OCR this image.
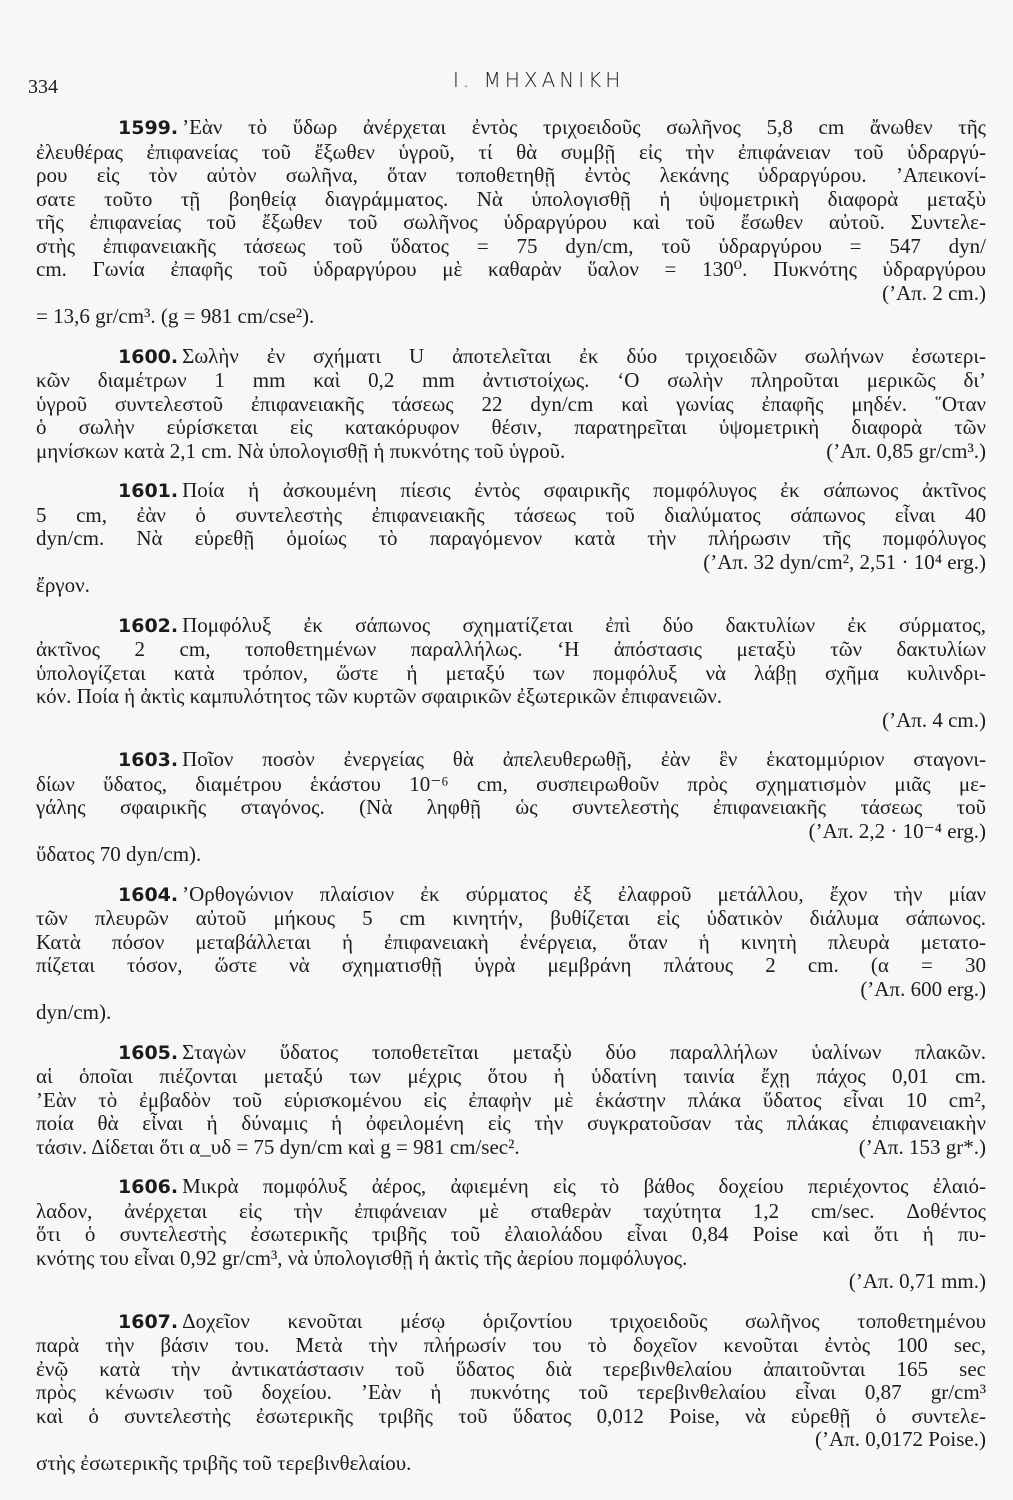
334	Ι. ΜΗΧΑΝΙΚΗ
1599. ’Εὰν τὸ ὕδωρ ἀνέρχεται ἐντὸς τριχοειδοῦς σωλῆνος 5,8 cm ἄνωθεν τῆς
ἐλευθέρας ἐπιφανείας τοῦ ἔξωθεν ὑγροῦ, τί θὰ συμβῇ εἰς τὴν ἐπιφάνειαν τοῦ ὑδραργύ-
ρου εἰς τὸν αὐτὸν σωλῆνα, ὅταν τοποθετηθῇ ἐντὸς λεκάνης ὑδραργύρου. ’Απεικονί-
σατε τοῦτο τῇ βοηθείᾳ διαγράμματος. Νὰ ὑπολογισθῇ ἡ ὑψομετρικὴ διαφορὰ μεταξὺ
τῆς ἐπιφανείας τοῦ ἔξωθεν τοῦ σωλῆνος ὑδραργύρου καὶ τοῦ ἔσωθεν αὐτοῦ. Συντελε-
στὴς ἐπιφανειακῆς τάσεως τοῦ ὕδατος = 75 dyn/cm, τοῦ ὑδραργύρου = 547 dyn/
cm. Γωνία ἐπαφῆς τοῦ ὑδραργύρου μὲ καθαρὰν ὕαλον = 130⁰. Πυκνότης ὑδραργύρου
(’Απ. 2 cm.)
= 13,6 gr/cm³. (g = 981 cm/cse²).
1600. Σωλὴν ἐν σχήματι U ἀποτελεῖται ἐκ δύο τριχοειδῶν σωλήνων ἐσωτερι-
κῶν διαμέτρων 1 mm καὶ 0,2 mm ἀντιστοίχως. ‘Ο σωλὴν πληροῦται μερικῶς δι’
ὑγροῦ συντελεστοῦ ἐπιφανειακῆς τάσεως 22 dyn/cm καὶ γωνίας ἐπαφῆς μηδέν. ῞Οταν
ὁ σωλὴν εὑρίσκεται εἰς κατακόρυφον θέσιν, παρατηρεῖται ὑψομετρικὴ διαφορὰ τῶν
μηνίσκων κατὰ 2,1 cm. Νὰ ὑπολογισθῇ ἡ πυκνότης τοῦ ὑγροῦ.	(’Απ. 0,85 gr/cm³.)
1601. Ποία ἡ ἀσκουμένη πίεσις ἐντὸς σφαιρικῆς πομφόλυγος ἐκ σάπωνος ἀκτῖνος
5 cm, ἐὰν ὁ συντελεστὴς ἐπιφανειακῆς τάσεως τοῦ διαλύματος σάπωνος εἶναι 40
dyn/cm. Νὰ εὑρεθῇ ὁμοίως τὸ παραγόμενον κατὰ τὴν πλήρωσιν τῆς πομφόλυγος
(’Απ. 32 dyn/cm², 2,51 · 10⁴ erg.)
ἔργον.
1602. Πομφόλυξ ἐκ σάπωνος σχηματίζεται ἐπὶ δύο δακτυλίων ἐκ σύρματος,
ἀκτῖνος 2 cm, τοποθετημένων παραλλήλως. ‘Η ἀπόστασις μεταξὺ τῶν δακτυλίων
ὑπολογίζεται κατὰ τρόπον, ὥστε ἡ μεταξύ των πομφόλυξ νὰ λάβῃ σχῆμα κυλινδρι-
κόν. Ποία ἡ ἀκτὶς καμπυλότητος τῶν κυρτῶν σφαιρικῶν ἐξωτερικῶν ἐπιφανειῶν.
(’Απ. 4 cm.)
1603. Ποῖον ποσὸν ἐνεργείας θὰ ἀπελευθερωθῇ, ἐὰν ἓν ἑκατομμύριον σταγονι-
δίων ὕδατος, διαμέτρου ἑκάστου 10⁻⁶ cm, συσπειρωθοῦν πρὸς σχηματισμὸν μιᾶς με-
γάλης σφαιρικῆς σταγόνος. (Νὰ ληφθῇ ὡς συντελεστὴς ἐπιφανειακῆς τάσεως τοῦ
(’Απ. 2,2 · 10⁻⁴ erg.)
ὕδατος 70 dyn/cm).
1604. ’Ορθογώνιον πλαίσιον ἐκ σύρματος ἐξ ἐλαφροῦ μετάλλου, ἔχον τὴν μίαν
τῶν πλευρῶν αὐτοῦ μήκους 5 cm κινητήν, βυθίζεται εἰς ὑδατικὸν διάλυμα σάπωνος.
Κατὰ πόσον μεταβάλλεται ἡ ἐπιφανειακὴ ἐνέργεια, ὅταν ἡ κινητὴ πλευρὰ μετατο-
πίζεται τόσον, ὥστε νὰ σχηματισθῇ ὑγρὰ μεμβράνη πλάτους 2 cm. (α = 30
(’Απ. 600 erg.)
dyn/cm).
1605. Σταγὼν ὕδατος τοποθετεῖται μεταξὺ δύο παραλλήλων ὑαλίνων πλακῶν.
αἱ ὁποῖαι πιέζονται μεταξύ των μέχρις ὅτου ἡ ὑδατίνη ταινία ἔχῃ πάχος 0,01 cm.
’Εὰν τὸ ἐμβαδὸν τοῦ εὑρισκομένου εἰς ἐπαφὴν μὲ ἑκάστην πλάκα ὕδατος εἶναι 10 cm²,
ποία θὰ εἶναι ἡ δύναμις ἡ ὀφειλομένη εἰς τὴν συγκρατοῦσαν τὰς πλάκας ἐπιφανειακὴν
τάσιν. Δίδεται ὅτι α_υδ = 75 dyn/cm καὶ g = 981 cm/sec².	(’Απ. 153 gr*.)
1606. Μικρὰ πομφόλυξ ἀέρος, ἀφιεμένη εἰς τὸ βάθος δοχείου περιέχοντος ἐλαιό-
λαδον, ἀνέρχεται εἰς τὴν ἐπιφάνειαν μὲ σταθερὰν ταχύτητα 1,2 cm/sec. Δοθέντος
ὅτι ὁ συντελεστὴς ἐσωτερικῆς τριβῆς τοῦ ἐλαιολάδου εἶναι 0,84 Poise καὶ ὅτι ἡ πυ-
κνότης του εἶναι 0,92 gr/cm³, νὰ ὑπολογισθῇ ἡ ἀκτὶς τῆς ἀερίου πομφόλυγος.
(’Απ. 0,71 mm.)
1607. Δοχεῖον κενοῦται μέσῳ ὁριζοντίου τριχοειδοῦς σωλῆνος τοποθετημένου
παρὰ τὴν βάσιν του. Μετὰ τὴν πλήρωσίν του τὸ δοχεῖον κενοῦται ἐντὸς 100 sec,
ἐνῷ κατὰ τὴν ἀντικατάστασιν τοῦ ὕδατος διὰ τερεβινθελαίου ἀπαιτοῦνται 165 sec
πρὸς κένωσιν τοῦ δοχείου. ’Εὰν ἡ πυκνότης τοῦ τερεβινθελαίου εἶναι 0,87 gr/cm³
καὶ ὁ συντελεστὴς ἐσωτερικῆς τριβῆς τοῦ ὕδατος 0,012 Poise, νὰ εὑρεθῇ ὁ συντελε-
(’Απ. 0,0172 Poise.)
στὴς ἐσωτερικῆς τριβῆς τοῦ τερεβινθελαίου.
